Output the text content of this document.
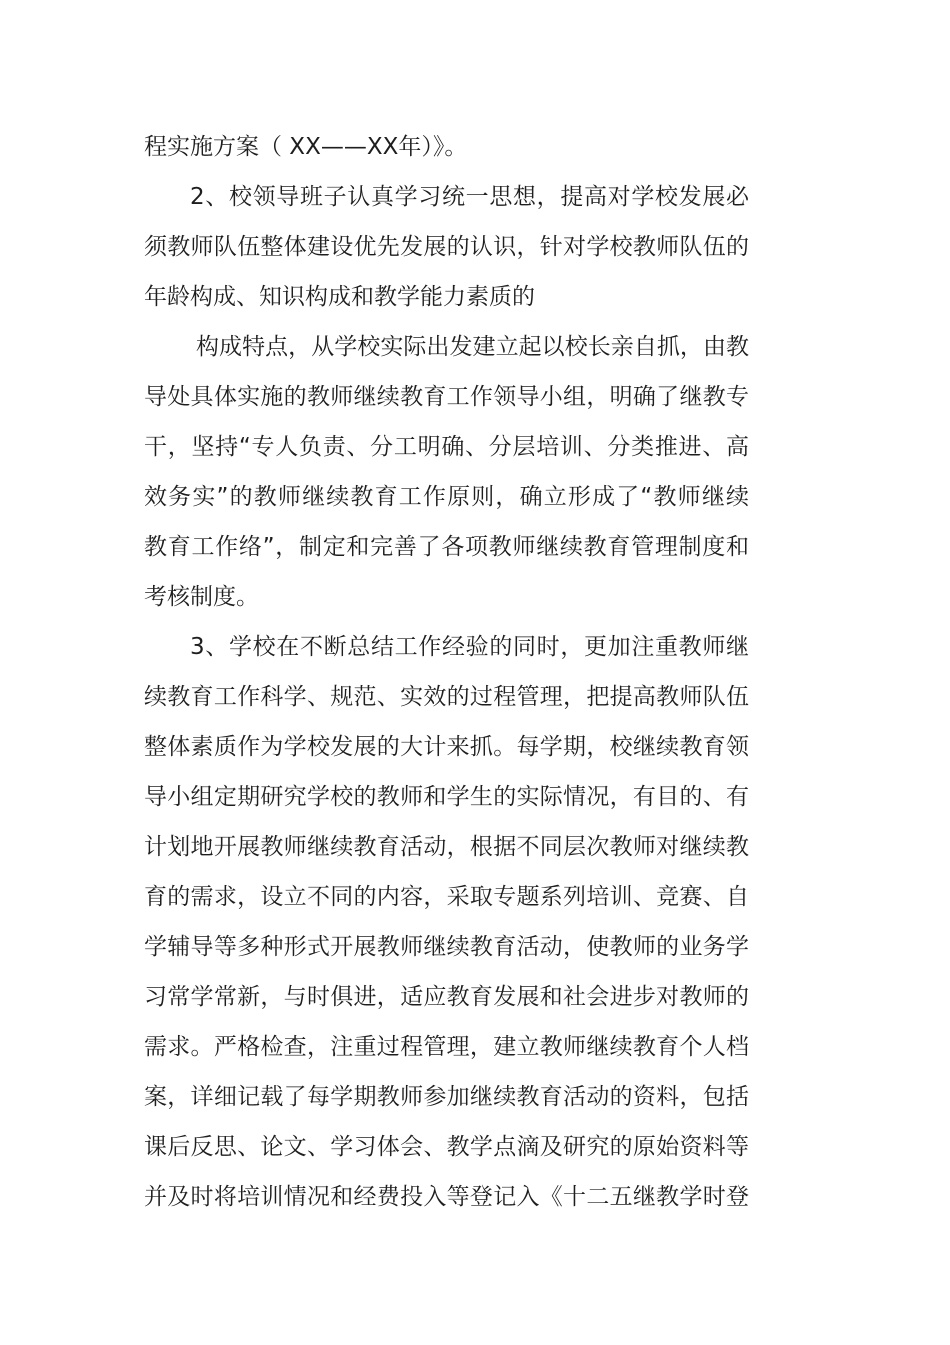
程实施方案（ XX——XX年）》。
2、校领导班子认真学习统一思想，提高对学校发展必
须教师队伍整体建设优先发展的认识，针对学校教师队伍的
年龄构成、知识构成和教学能力素质的
构成特点，从学校实际出发建立起以校长亲自抓，由教
导处具体实施的教师继续教育工作领导小组，明确了继教专
干，坚持“专人负责、分工明确、分层培训、分类推进、高
效务实”的教师继续教育工作原则，确立形成了“教师继续
教育工作络”，制定和完善了各项教师继续教育管理制度和
考核制度。
3、学校在不断总结工作经验的同时，更加注重教师继
续教育工作科学、规范、实效的过程管理，把提高教师队伍
整体素质作为学校发展的大计来抓。每学期，校继续教育领
导小组定期研究学校的教师和学生的实际情况，有目的、有
计划地开展教师继续教育活动，根据不同层次教师对继续教
育的需求，设立不同的内容，采取专题系列培训、竞赛、自
学辅导等多种形式开展教师继续教育活动，使教师的业务学
习常学常新，与时俱进，适应教育发展和社会进步对教师的
需求。严格检查，注重过程管理，建立教师继续教育个人档
案，详细记载了每学期教师参加继续教育活动的资料，包括
课后反思、论文、学习体会、教学点滴及研究的原始资料等
并及时将培训情况和经费投入等登记入《十二五继教学时登
